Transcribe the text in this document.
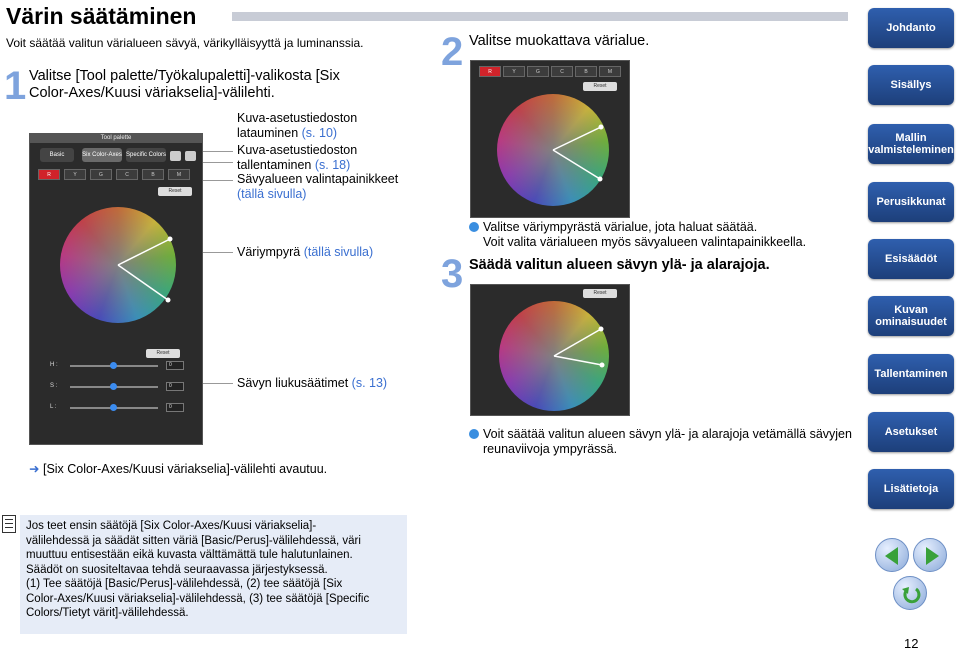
Värin säätäminen
Voit säätää valitun värialueen sävyä, värikylläisyyttä ja luminanssia.
1 Valitse [Tool palette/Työkalupaletti]-valikosta [Six
Color-Axes/Kuusi väriakselia]-välilehti.
Tool palette
Basic	Six Color-Axes Specific Colors
R	Y	G	C	B	M
Reset
Reset
H :	0
S :	0
L :	0
Kuva-asetustiedoston latauminen (s. 10)
Kuva-asetustiedoston tallentaminen (s. 18)
Sävyalueen valintapainikkeet
(tällä sivulla)
Väriympyrä (tällä sivulla)
Sävyn liukusäätimet (s. 13)
➜ [Six Color-Axes/Kuusi väriakselia]-välilehti avautuu.
2 Valitse muokattava värialue.
R	Y	G	C	B	M
Reset
Valitse väriympyrästä värialue, jota haluat säätää.
Voit valita värialueen myös sävyalueen valintapainikkeella.
3 Säädä valitun alueen sävyn ylä- ja alarajoja.
Reset
Voit säätää valitun alueen sävyn ylä- ja alarajoja vetämällä sävyjen reunaviivoja ympyrässä.
Jos teet ensin säätöjä [Six Color-Axes/Kuusi väriakselia]-
välilehdessä ja säädät sitten väriä [Basic/Perus]-välilehdessä, väri
muuttuu entisestään eikä kuvasta välttämättä tule halutunlainen.
Säädöt on suositeltavaa tehdä seuraavassa järjestyksessä.
(1) Tee säätöjä [Basic/Perus]-välilehdessä, (2) tee säätöjä [Six
Color-Axes/Kuusi väriakselia]-välilehdessä, (3) tee säätöjä [Specific
Colors/Tietyt värit]-välilehdessä.
Johdanto
Sisällys
Mallin valmisteleminen
Perusikkunat
Esisäädöt
Kuvan ominaisuudet
Tallentaminen
Asetukset
Lisätietoja
12
